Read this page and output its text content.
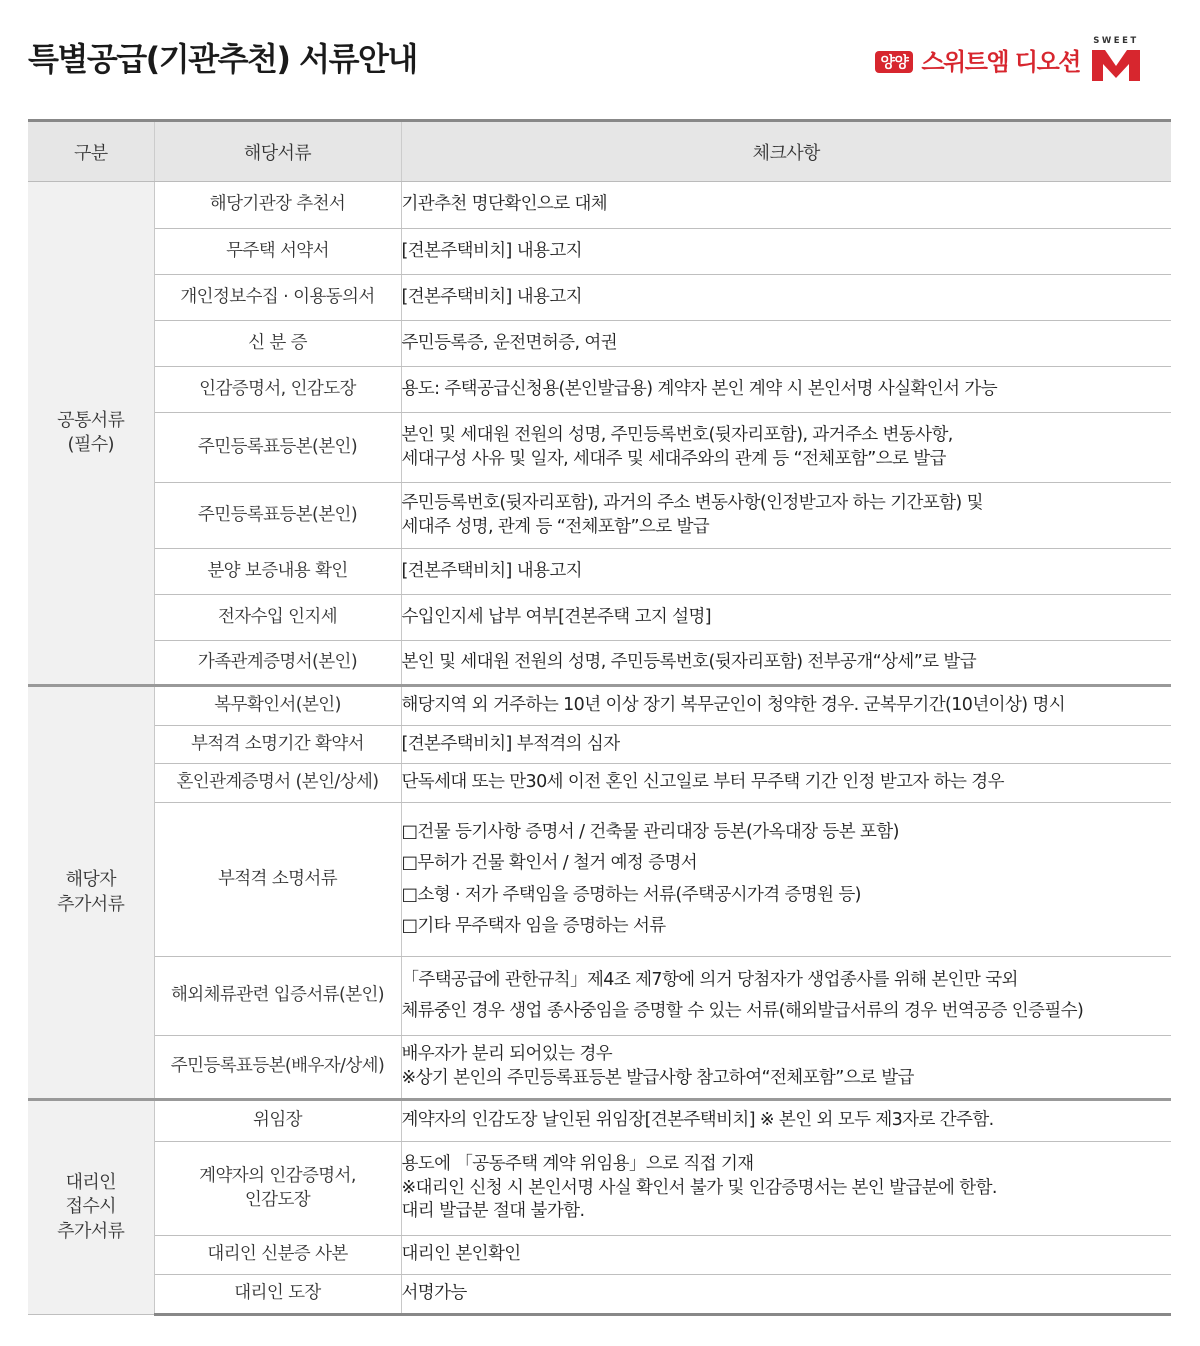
특별공급(기관추천) 서류안내	양양 스위트엠 디오션
SWEET
구분	해당서류	체크사항

공통서류
(필수)	해당기관장 추천서	기관추천 명단확인으로 대체
	무주택 서약서	[견본주택비치] 내용고지
	개인정보수집 · 이용동의서	[견본주택비치] 내용고지
	신 분 증	주민등록증, 운전면허증, 여권
	인감증명서, 인감도장	용도: 주택공급신청용(본인발급용) 계약자 본인 계약 시 본인서명 사실확인서 가능
	주민등록표등본(본인)	본인 및 세대원 전원의 성명, 주민등록번호(뒷자리포함), 과거주소 변동사항,
세대구성 사유 및 일자, 세대주 및 세대주와의 관계 등 “전체포함”으로 발급

	주민등록표등본(본인)	주민등록번호(뒷자리포함), 과거의 주소 변동사항(인정받고자 하는 기간포함) 및
세대주 성명, 관계 등 “전체포함”으로 발급

	분양 보증내용 확인	[견본주택비치] 내용고지
	전자수입 인지세	수입인지세 납부 여부[견본주택 고지 설명]
	가족관계증명서(본인)	본인 및 세대원 전원의 성명, 주민등록번호(뒷자리포함) 전부공개“상세”로 발급

해당자
추가서류	복무확인서(본인)	해당지역 외 거주하는 10년 이상 장기 복무군인이 청약한 경우. 군복무기간(10년이상) 명시
	부적격 소명기간 확약서	[견본주택비치] 부적격의 심자
	혼인관계증명서 (본인/상세)	단독세대 또는 만30세 이전 혼인 신고일로 부터 무주택 기간 인정 받고자 하는 경우
	부적격 소명서류	□건물 등기사항 증명서 / 건축물 관리대장 등본(가옥대장 등본 포함)
□무허가 건물 확인서 / 철거 예정 증명서
□소형 · 저가 주택임을 증명하는 서류(주택공시가격 증명원 등)
□기타 무주택자 임을 증명하는 서류

	해외체류관련 입증서류(본인)	「주택공급에 관한규칙」제4조 제7항에 의거 당첨자가 생업종사를 위해 본인만 국외
체류중인 경우 생업 종사중임을 증명할 수 있는 서류(해외발급서류의 경우 번역공증 인증필수)

	주민등록표등본(배우자/상세)	배우자가 분리 되어있는 경우
※상기 본인의 주민등록표등본 발급사항 참고하여“전체포함”으로 발급

대리인
접수시
추가서류	위임장	계약자의 인감도장 날인된 위임장[견본주택비치] ※ 본인 외 모두 제3자로 간주함.

	계약자의 인감증명서,
인감도장	용도에 「공동주택 계약 위임용」으로 직접 기재
※대리인 신청 시 본인서명 사실 확인서 불가 및 인감증명서는 본인 발급분에 한함.
대리 발급분 절대 불가함.

	대리인 신분증 사본	대리인 본인확인
	대리인 도장	서명가능
